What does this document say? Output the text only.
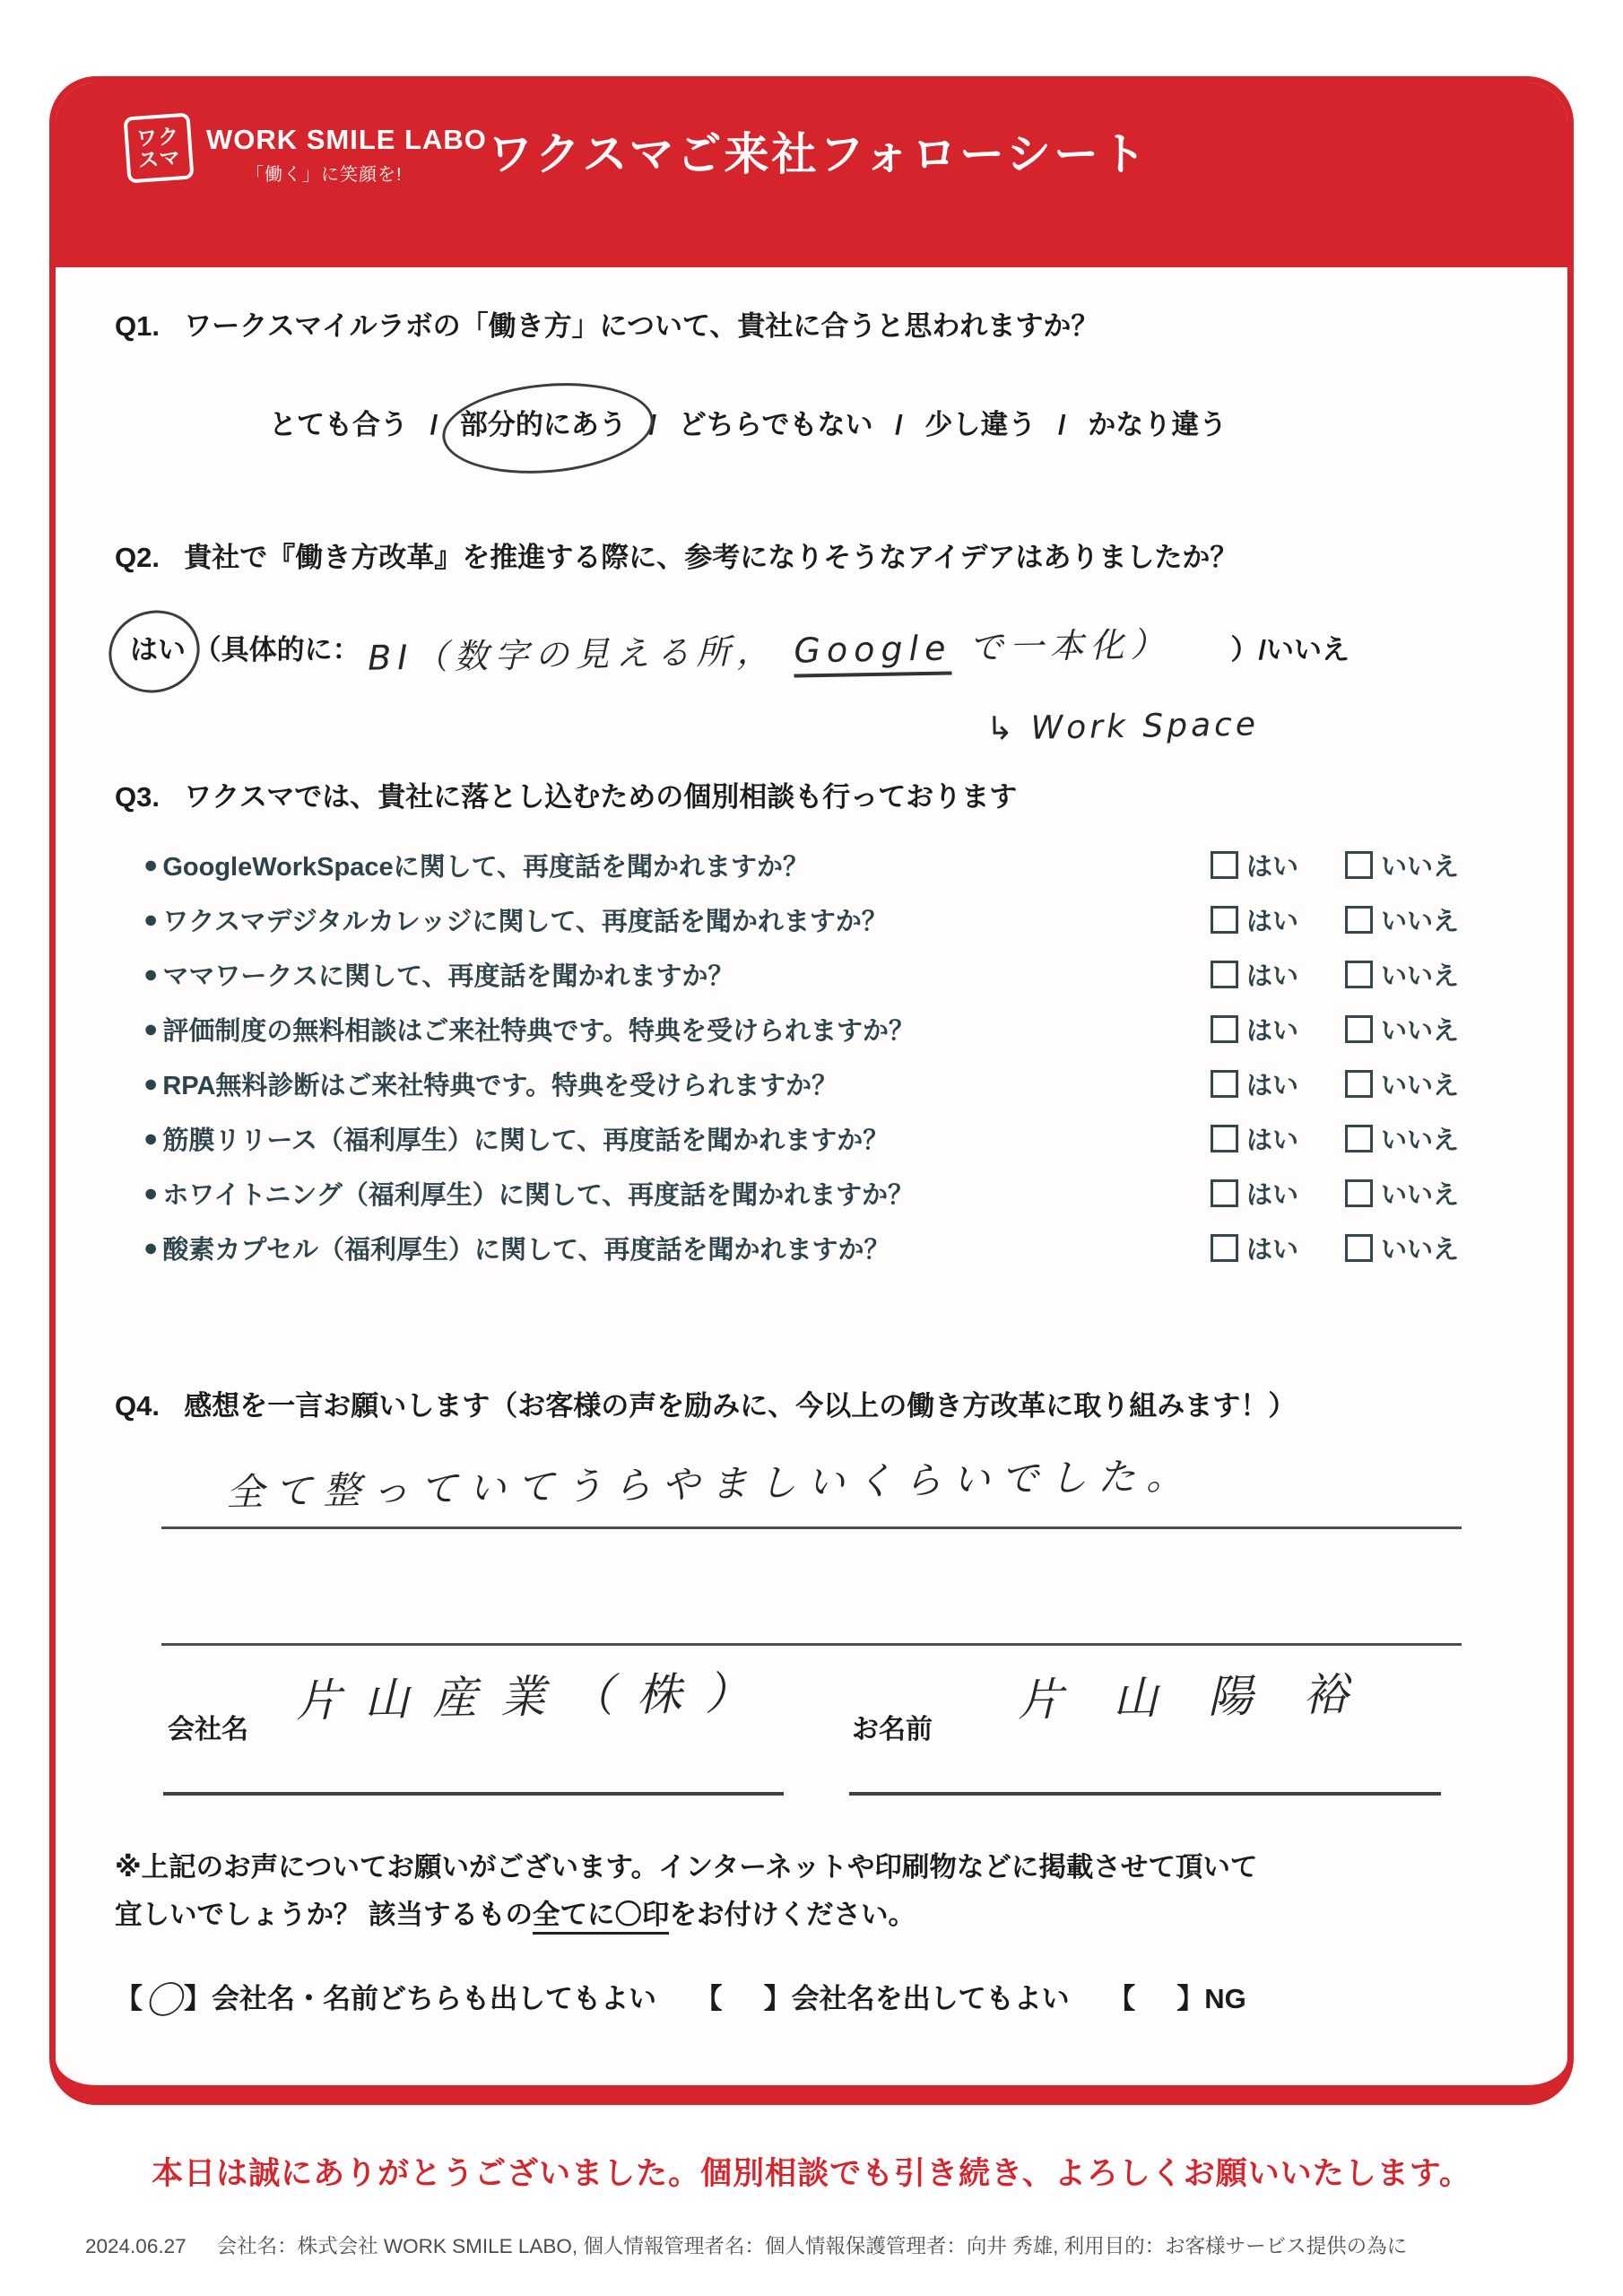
ワク
スマ
WORK SMILE LABO
「働く」に笑顔を! ワクスマご来社フォローシート
Q1. ワークスマイルラボの「働き方」について、貴社に合うと思われますか？
とても合う / 部分的にあう / どちらでもない / 少し違う / かなり違う
Q2. 貴社で『働き方改革』を推進する際に、参考になりそうなアイデアはありましたか？
はい （具体的に： BI（数字の見える所， Google で一本化） ）/いいえ
↳ Work Space
Q3. ワクスマでは、貴社に落とし込むための個別相談も行っております
● GoogleWorkSpaceに関して、再度話を聞かれますか？	はい	いいえ
● ワクスマデジタルカレッジに関して、再度話を聞かれますか？	はい	いいえ
● ママワークスに関して、再度話を聞かれますか？	はい	いいえ
● 評価制度の無料相談はご来社特典です。特典を受けられますか？	はい	いいえ
● RPA無料診断はご来社特典です。特典を受けられますか？	はい	いいえ
● 筋膜リリース（福利厚生）に関して、再度話を聞かれますか？	はい	いいえ
● ホワイトニング（福利厚生）に関して、再度話を聞かれますか？	はい	いいえ
● 酸素カプセル（福利厚生）に関して、再度話を聞かれますか？	はい	いいえ
Q4. 感想を一言お願いします（お客様の声を励みに、今以上の働き方改革に取り組みます！）
全て整っていてうらやましいくらいでした。
会社名
片山産業（株）
お名前
片山陽裕
※上記のお声についてお願いがございます。インターネットや印刷物などに掲載させて頂いて
宜しいでしょうか？ 該当するもの全てに〇印をお付けください。
【〇】会社名・名前どちらも出してもよい 【 】会社名を出してもよい 【 】NG
本日は誠にありがとうございました。個別相談でも引き続き、よろしくお願いいたします。
2024.06.27 会社名：株式会社 WORK SMILE LABO, 個人情報管理者名：個人情報保護管理者：向井 秀雄, 利用目的：お客様サービス提供の為に
